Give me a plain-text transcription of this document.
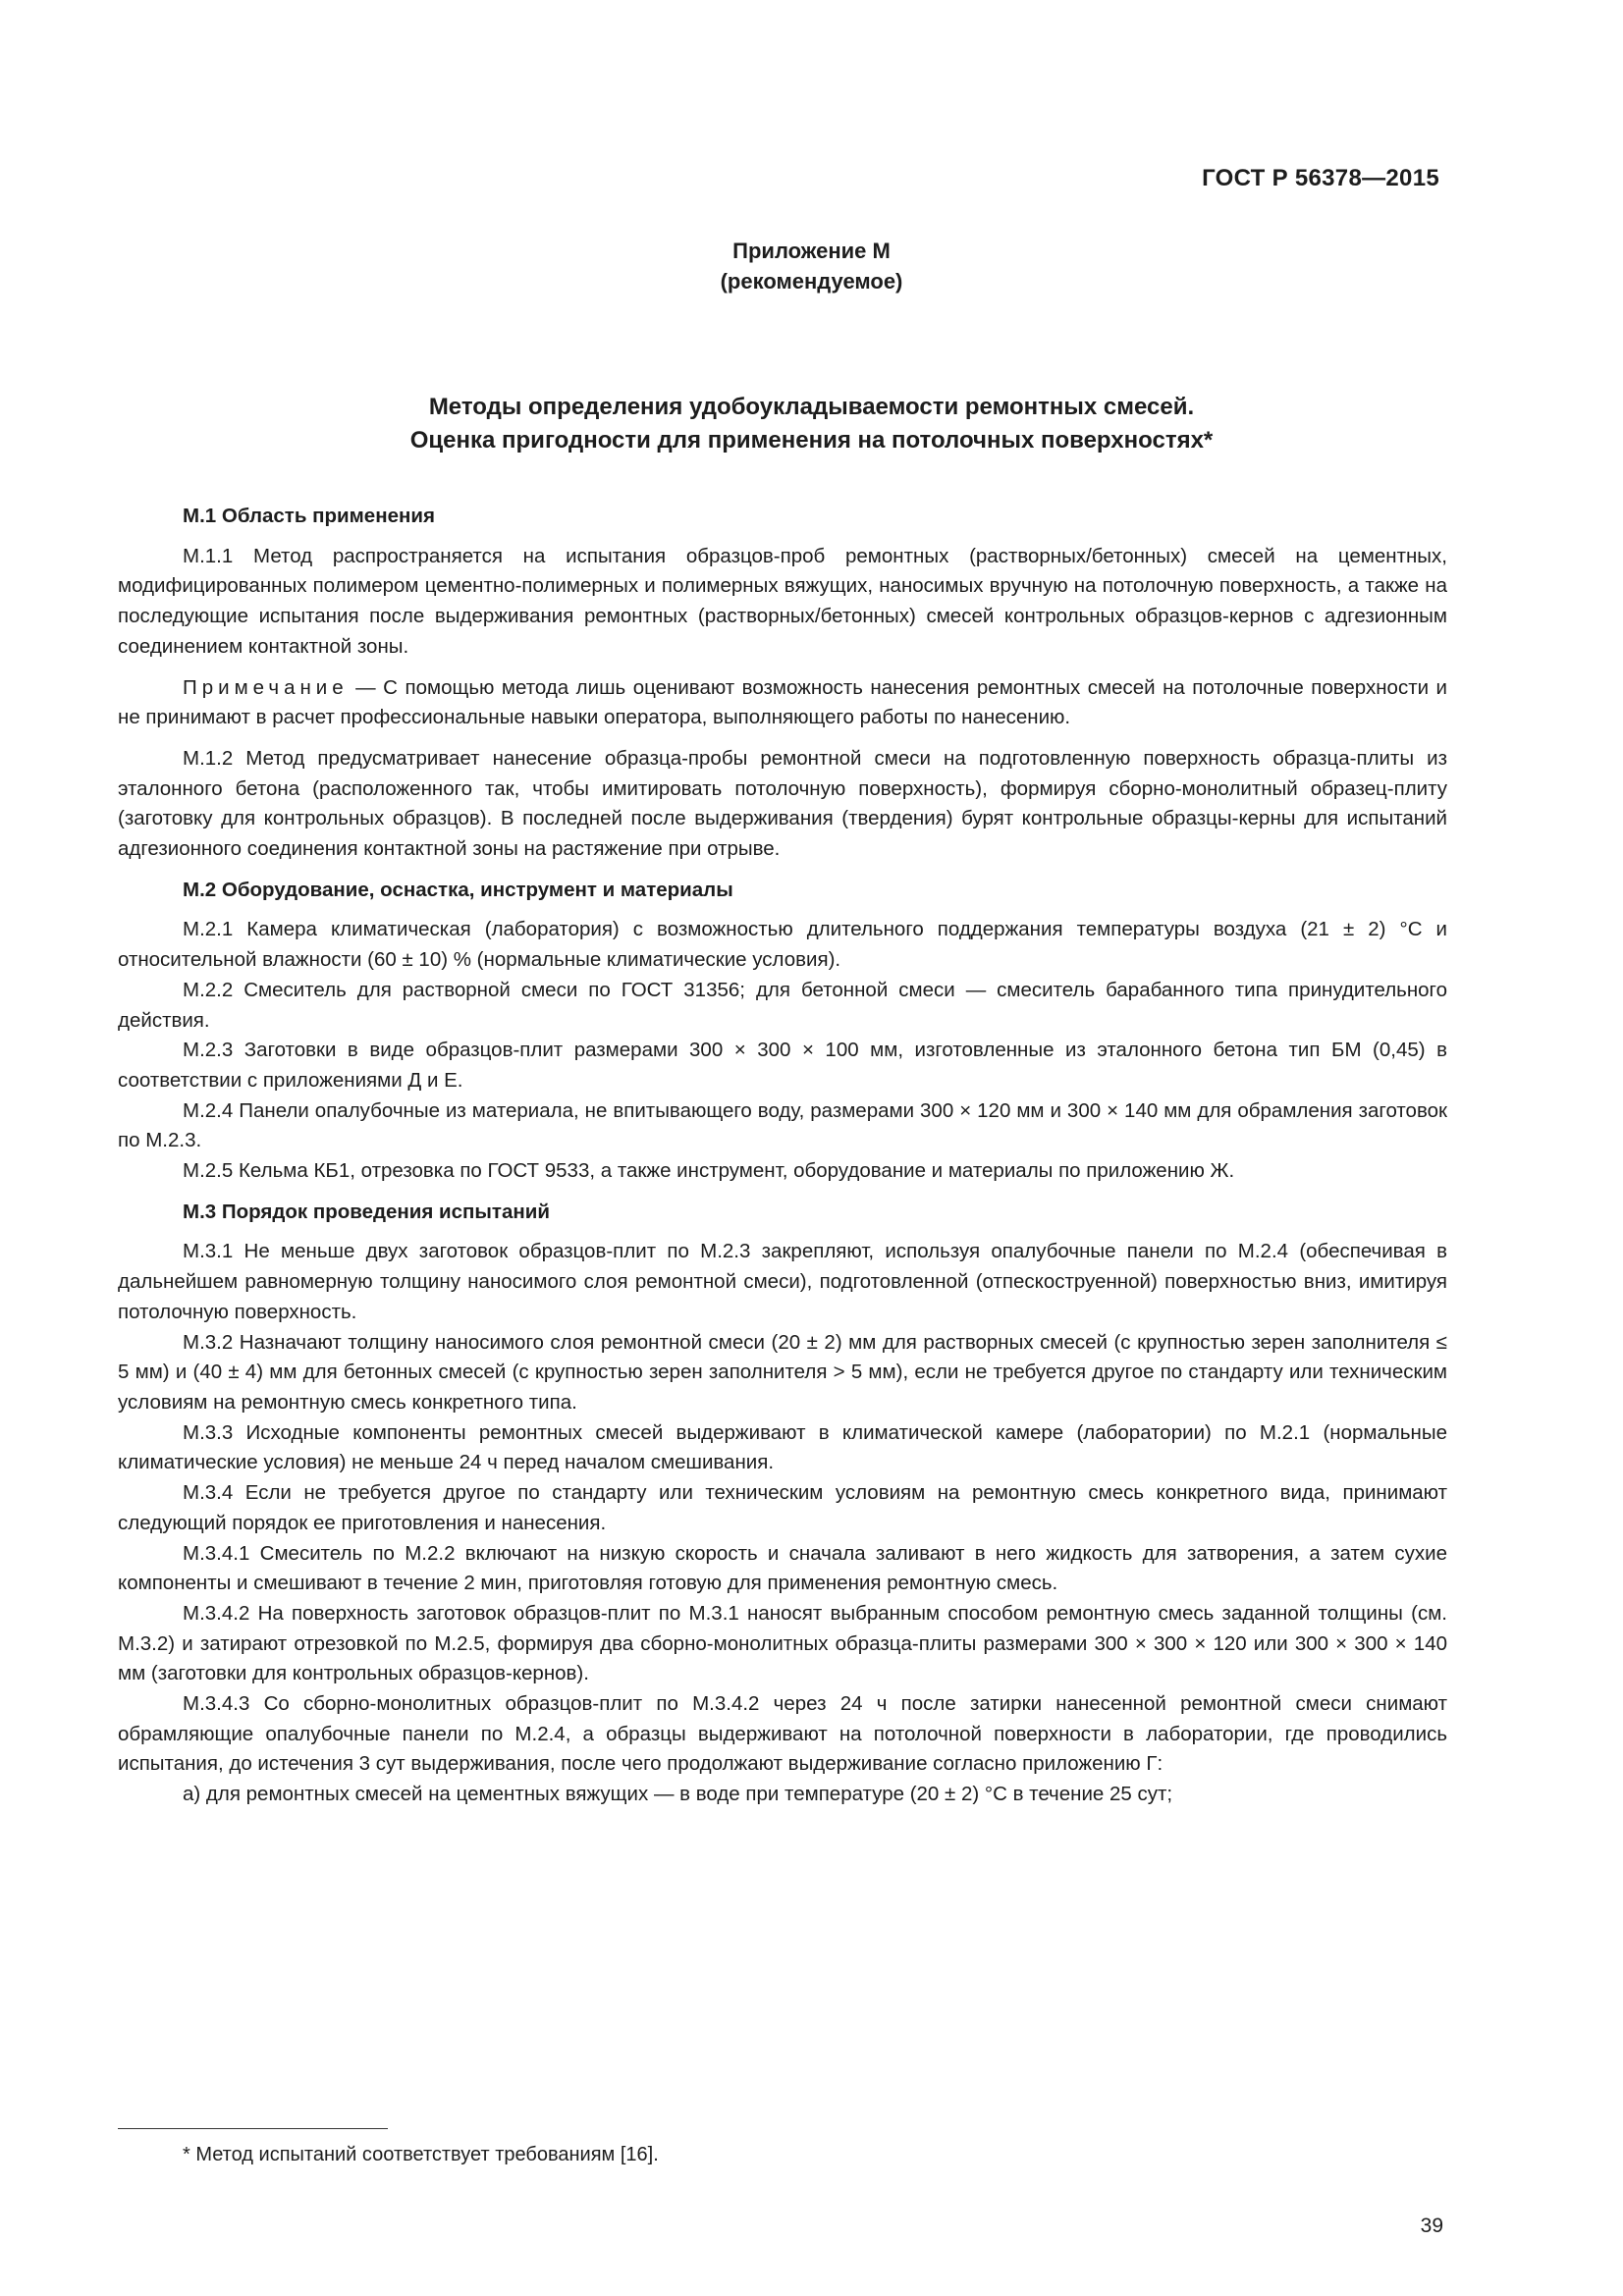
ГОСТ Р 56378—2015
Приложение М
(рекомендуемое)
Методы определения удобоукладываемости ремонтных смесей.
Оценка пригодности для применения на потолочных поверхностях*
М.1 Область применения

М.1.1 Метод распространяется на испытания образцов-проб ремонтных (растворных/бетонных) смесей на цементных, модифицированных полимером цементно-полимерных и полимерных вяжущих, наносимых вручную на потолочную поверхность, а также на последующие испытания после выдерживания ремонтных (растворных/бетонных) смесей контрольных образцов-кернов с адгезионным соединением контактной зоны.

Примечание — С помощью метода лишь оценивают возможность нанесения ремонтных смесей на потолочные поверхности и не принимают в расчет профессиональные навыки оператора, выполняющего работы по нанесению.

М.1.2 Метод предусматривает нанесение образца-пробы ремонтной смеси на подготовленную поверхность образца-плиты из эталонного бетона (расположенного так, чтобы имитировать потолочную поверхность), формируя сборно-монолитный образец-плиту (заготовку для контрольных образцов). В последней после выдерживания (твердения) бурят контрольные образцы-керны для испытаний адгезионного соединения контактной зоны на растяжение при отрыве.

М.2 Оборудование, оснастка, инструмент и материалы

М.2.1 Камера климатическая (лаборатория) с возможностью длительного поддержания температуры воздуха (21 ± 2) °С и относительной влажности (60 ± 10) % (нормальные климатические условия).

М.2.2 Смеситель для растворной смеси по ГОСТ 31356; для бетонной смеси — смеситель барабанного типа принудительного действия.

М.2.3 Заготовки в виде образцов-плит размерами 300 × 300 × 100 мм, изготовленные из эталонного бетона тип БМ (0,45) в соответствии с приложениями Д и Е.

М.2.4 Панели опалубочные из материала, не впитывающего воду, размерами 300 × 120 мм и 300 × 140 мм для обрамления заготовок по М.2.3.

М.2.5 Кельма КБ1, отрезовка по ГОСТ 9533, а также инструмент, оборудование и материалы по приложению Ж.

М.3 Порядок проведения испытаний

М.3.1 Не меньше двух заготовок образцов-плит по М.2.3 закрепляют, используя опалубочные панели по М.2.4 (обеспечивая в дальнейшем равномерную толщину наносимого слоя ремонтной смеси), подготовленной (отпескоструенной) поверхностью вниз, имитируя потолочную поверхность.

М.3.2 Назначают толщину наносимого слоя ремонтной смеси (20 ± 2) мм для растворных смесей (с крупностью зерен заполнителя ≤ 5 мм) и (40 ± 4) мм для бетонных смесей (с крупностью зерен заполнителя > 5 мм), если не требуется другое по стандарту или техническим условиям на ремонтную смесь конкретного типа.

М.3.3 Исходные компоненты ремонтных смесей выдерживают в климатической камере (лаборатории) по М.2.1 (нормальные климатические условия) не меньше 24 ч перед началом смешивания.

М.3.4 Если не требуется другое по стандарту или техническим условиям на ремонтную смесь конкретного вида, принимают следующий порядок ее приготовления и нанесения.

М.3.4.1 Смеситель по М.2.2 включают на низкую скорость и сначала заливают в него жидкость для затворения, а затем сухие компоненты и смешивают в течение 2 мин, приготовляя готовую для применения ремонтную смесь.

М.3.4.2 На поверхность заготовок образцов-плит по М.3.1 наносят выбранным способом ремонтную смесь заданной толщины (см. М.3.2) и затирают отрезовкой по М.2.5, формируя два сборно-монолитных образца-плиты размерами 300 × 300 × 120 или 300 × 300 × 140 мм (заготовки для контрольных образцов-кернов).

М.3.4.3 Со сборно-монолитных образцов-плит по М.3.4.2 через 24 ч после затирки нанесенной ремонтной смеси снимают обрамляющие опалубочные панели по М.2.4, а образцы выдерживают на потолочной поверхности в лаборатории, где проводились испытания, до истечения 3 сут выдерживания, после чего продолжают выдерживание согласно приложению Г:

а) для ремонтных смесей на цементных вяжущих — в воде при температуре (20 ± 2) °С в течение 25 сут;

* Метод испытаний соответствует требованиям [16].
39
